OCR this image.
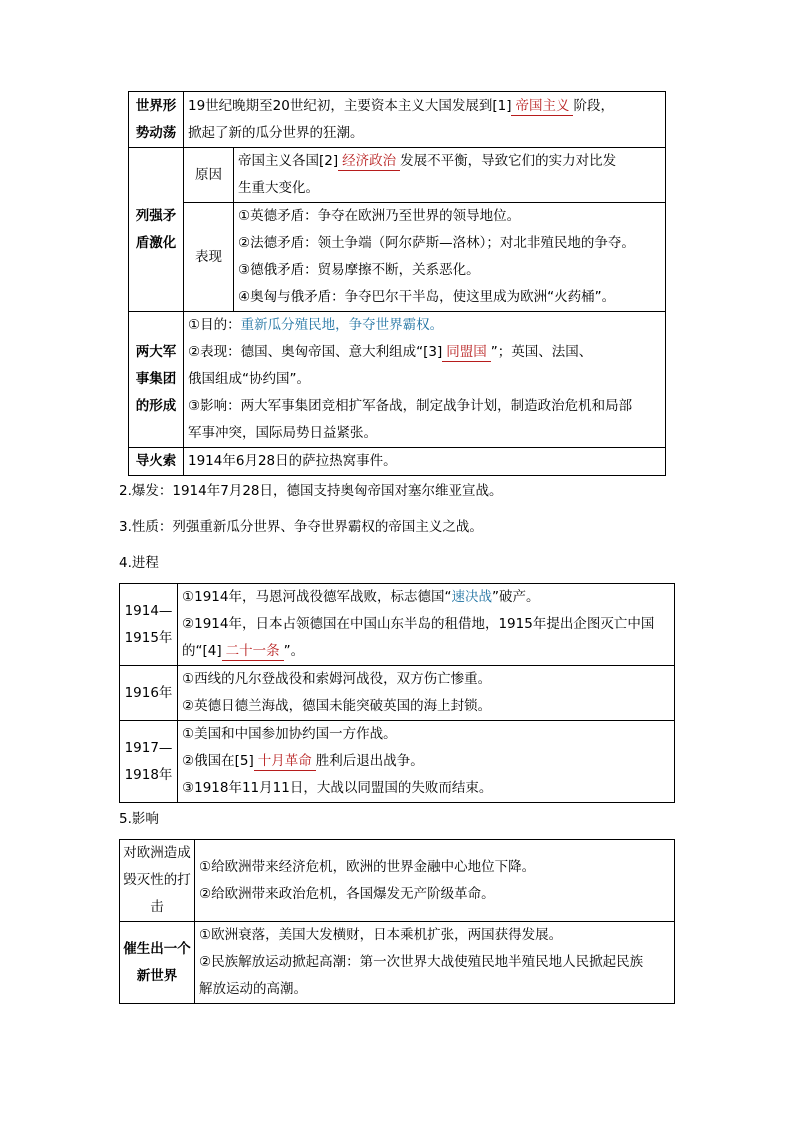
世界形
势动荡	19世纪晚期至20世纪初，主要资本主义大国发展到[1] 帝国主义 阶段，
掀起了新的瓜分世界的狂潮。	

列强矛
盾激化	原因	帝国主义各国[2] 经济政治 发展不平衡，导致它们的实力对比发
生重大变化。

	表现	①英德矛盾：争夺在欧洲乃至世界的领导地位。
②法德矛盾：领土争端（阿尔萨斯—洛林）；对北非殖民地的争夺。
③德俄矛盾：贸易摩擦不断，关系恶化。
④奥匈与俄矛盾：争夺巴尔干半岛，使这里成为欧洲“火药桶”。

两大军
事集团
的形成	①目的：重新瓜分殖民地，争夺世界霸权。
②表现：德国、奥匈帝国、意大利组成“[3] 同盟国 ”；英国、法国、
俄国组成“协约国”。
③影响：两大军事集团竞相扩军备战，制定战争计划，制造政治危机和局部
军事冲突，国际局势日益紧张。	

导火索	1914年6月28日的萨拉热窝事件。	

2.爆发：1914年7月28日，德国支持奥匈帝国对塞尔维亚宣战。

3.性质：列强重新瓜分世界、争夺世界霸权的帝国主义之战。

4.进程

1914—
1915年	①1914年，马恩河战役德军战败，标志德国“速决战”破产。
②1914年，日本占领德国在中国山东半岛的租借地，1915年提出企图灭亡中国
的“[4] 二十一条 ”。

1916年	①西线的凡尔登战役和索姆河战役，双方伤亡惨重。
②英德日德兰海战，德国未能突破英国的海上封锁。

1917—
1918年	①美国和中国参加协约国一方作战。
②俄国在[5] 十月革命 胜利后退出战争。
③1918年11月11日，大战以同盟国的失败而结束。

5.影响

对欧洲造成
毁灭性的打
击	①给欧洲带来经济危机，欧洲的世界金融中心地位下降。
②给欧洲带来政治危机，各国爆发无产阶级革命。

催生出一个
新世界	①欧洲衰落，美国大发横财，日本乘机扩张，两国获得发展。
②民族解放运动掀起高潮：第一次世界大战使殖民地半殖民地人民掀起民族
解放运动的高潮。
